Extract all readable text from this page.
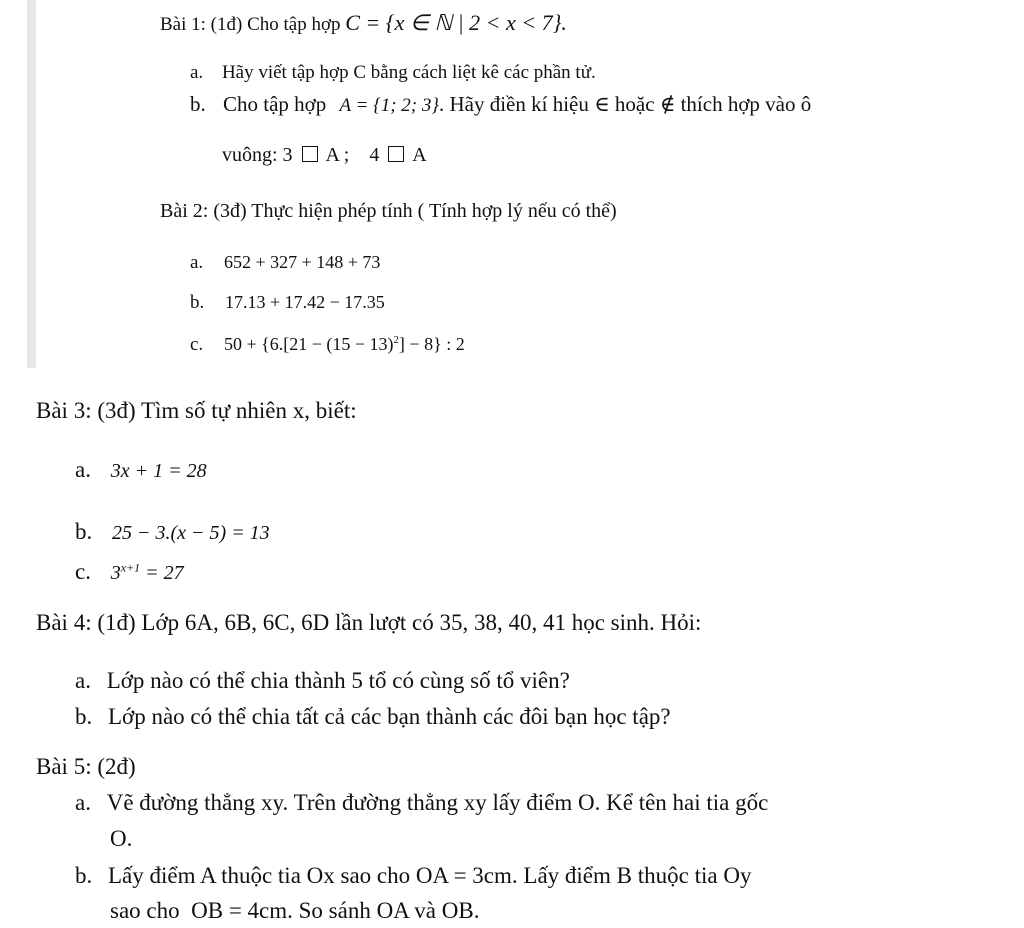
Bài 1: (1đ) Cho tập hợp C = {x ∈ ℕ | 2 < x < 7}.
a. Hãy viết tập hợp C bằng cách liệt kê các phần tử.
b. Cho tập hợp A = {1; 2; 3}. Hãy điền kí hiệu ∈ hoặc ∉ thích hợp vào ô
vuông: 3 A ;    4 A
Bài 2: (3đ) Thực hiện phép tính ( Tính hợp lý nếu có thể)
a. 652 + 327 + 148 + 73
b. 17.13 + 17.42 − 17.35
c. $50 + \{6.[21 - (15 - 13)^2] - 8\}$ : 2
Bài 3: (3đ) Tìm số tự nhiên x, biết:
a. 3x + 1 = 28
b. 25 − 3.(x − 5) = 13
c. $3^{x+1} = 27$
Bài 4: (1đ) Lớp 6A, 6B, 6C, 6D lần lượt có 35, 38, 40, 41 học sinh. Hỏi:
a. Lớp nào có thể chia thành 5 tổ có cùng số tổ viên?
b. Lớp nào có thể chia tất cả các bạn thành các đôi bạn học tập?
Bài 5: (2đ)
a. Vẽ đường thẳng xy. Trên đường thẳng xy lấy điểm O. Kể tên hai tia gốc
O.
b. Lấy điểm A thuộc tia Ox sao cho OA = 3cm. Lấy điểm B thuộc tia Oy
sao cho  OB = 4cm. So sánh OA và OB.
